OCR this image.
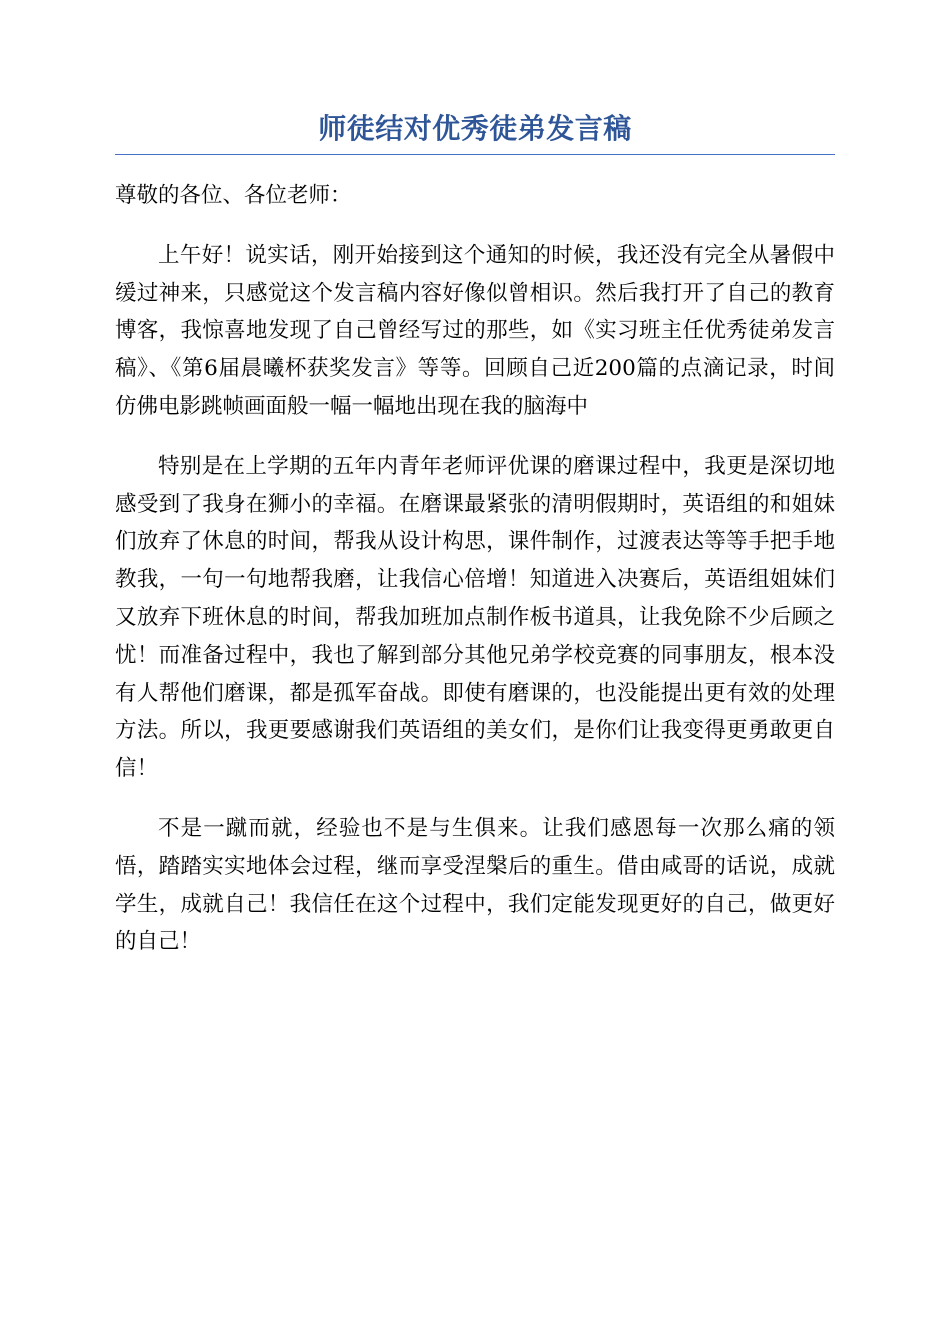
师徒结对优秀徒弟发言稿

尊敬的各位、各位老师：

上午好！说实话，刚开始接到这个通知的时候，我还没有完全从暑假中缓过神来，只感觉这个发言稿内容好像似曾相识。然后我打开了自己的教育博客，我惊喜地发现了自己曾经写过的那些，如《实习班主任优秀徒弟发言稿》、《第6届晨曦杯获奖发言》等等。回顾自己近200篇的点滴记录，时间仿佛电影跳帧画面般一幅一幅地出现在我的脑海中

特别是在上学期的五年内青年老师评优课的磨课过程中，我更是深切地感受到了我身在狮小的幸福。在磨课最紧张的清明假期时，英语组的和姐妹们放弃了休息的时间，帮我从设计构思，课件制作，过渡表达等等手把手地教我，一句一句地帮我磨，让我信心倍增！知道进入决赛后，英语组姐妹们又放弃下班休息的时间，帮我加班加点制作板书道具，让我免除不少后顾之忧！而准备过程中，我也了解到部分其他兄弟学校竞赛的同事朋友，根本没有人帮他们磨课，都是孤军奋战。即使有磨课的，也没能提出更有效的处理方法。所以，我更要感谢我们英语组的美女们，是你们让我变得更勇敢更自信！

不是一蹴而就，经验也不是与生俱来。让我们感恩每一次那么痛的领悟，踏踏实实地体会过程，继而享受涅槃后的重生。借由咸哥的话说，成就学生，成就自己！我信任在这个过程中，我们定能发现更好的自己，做更好的自己！
